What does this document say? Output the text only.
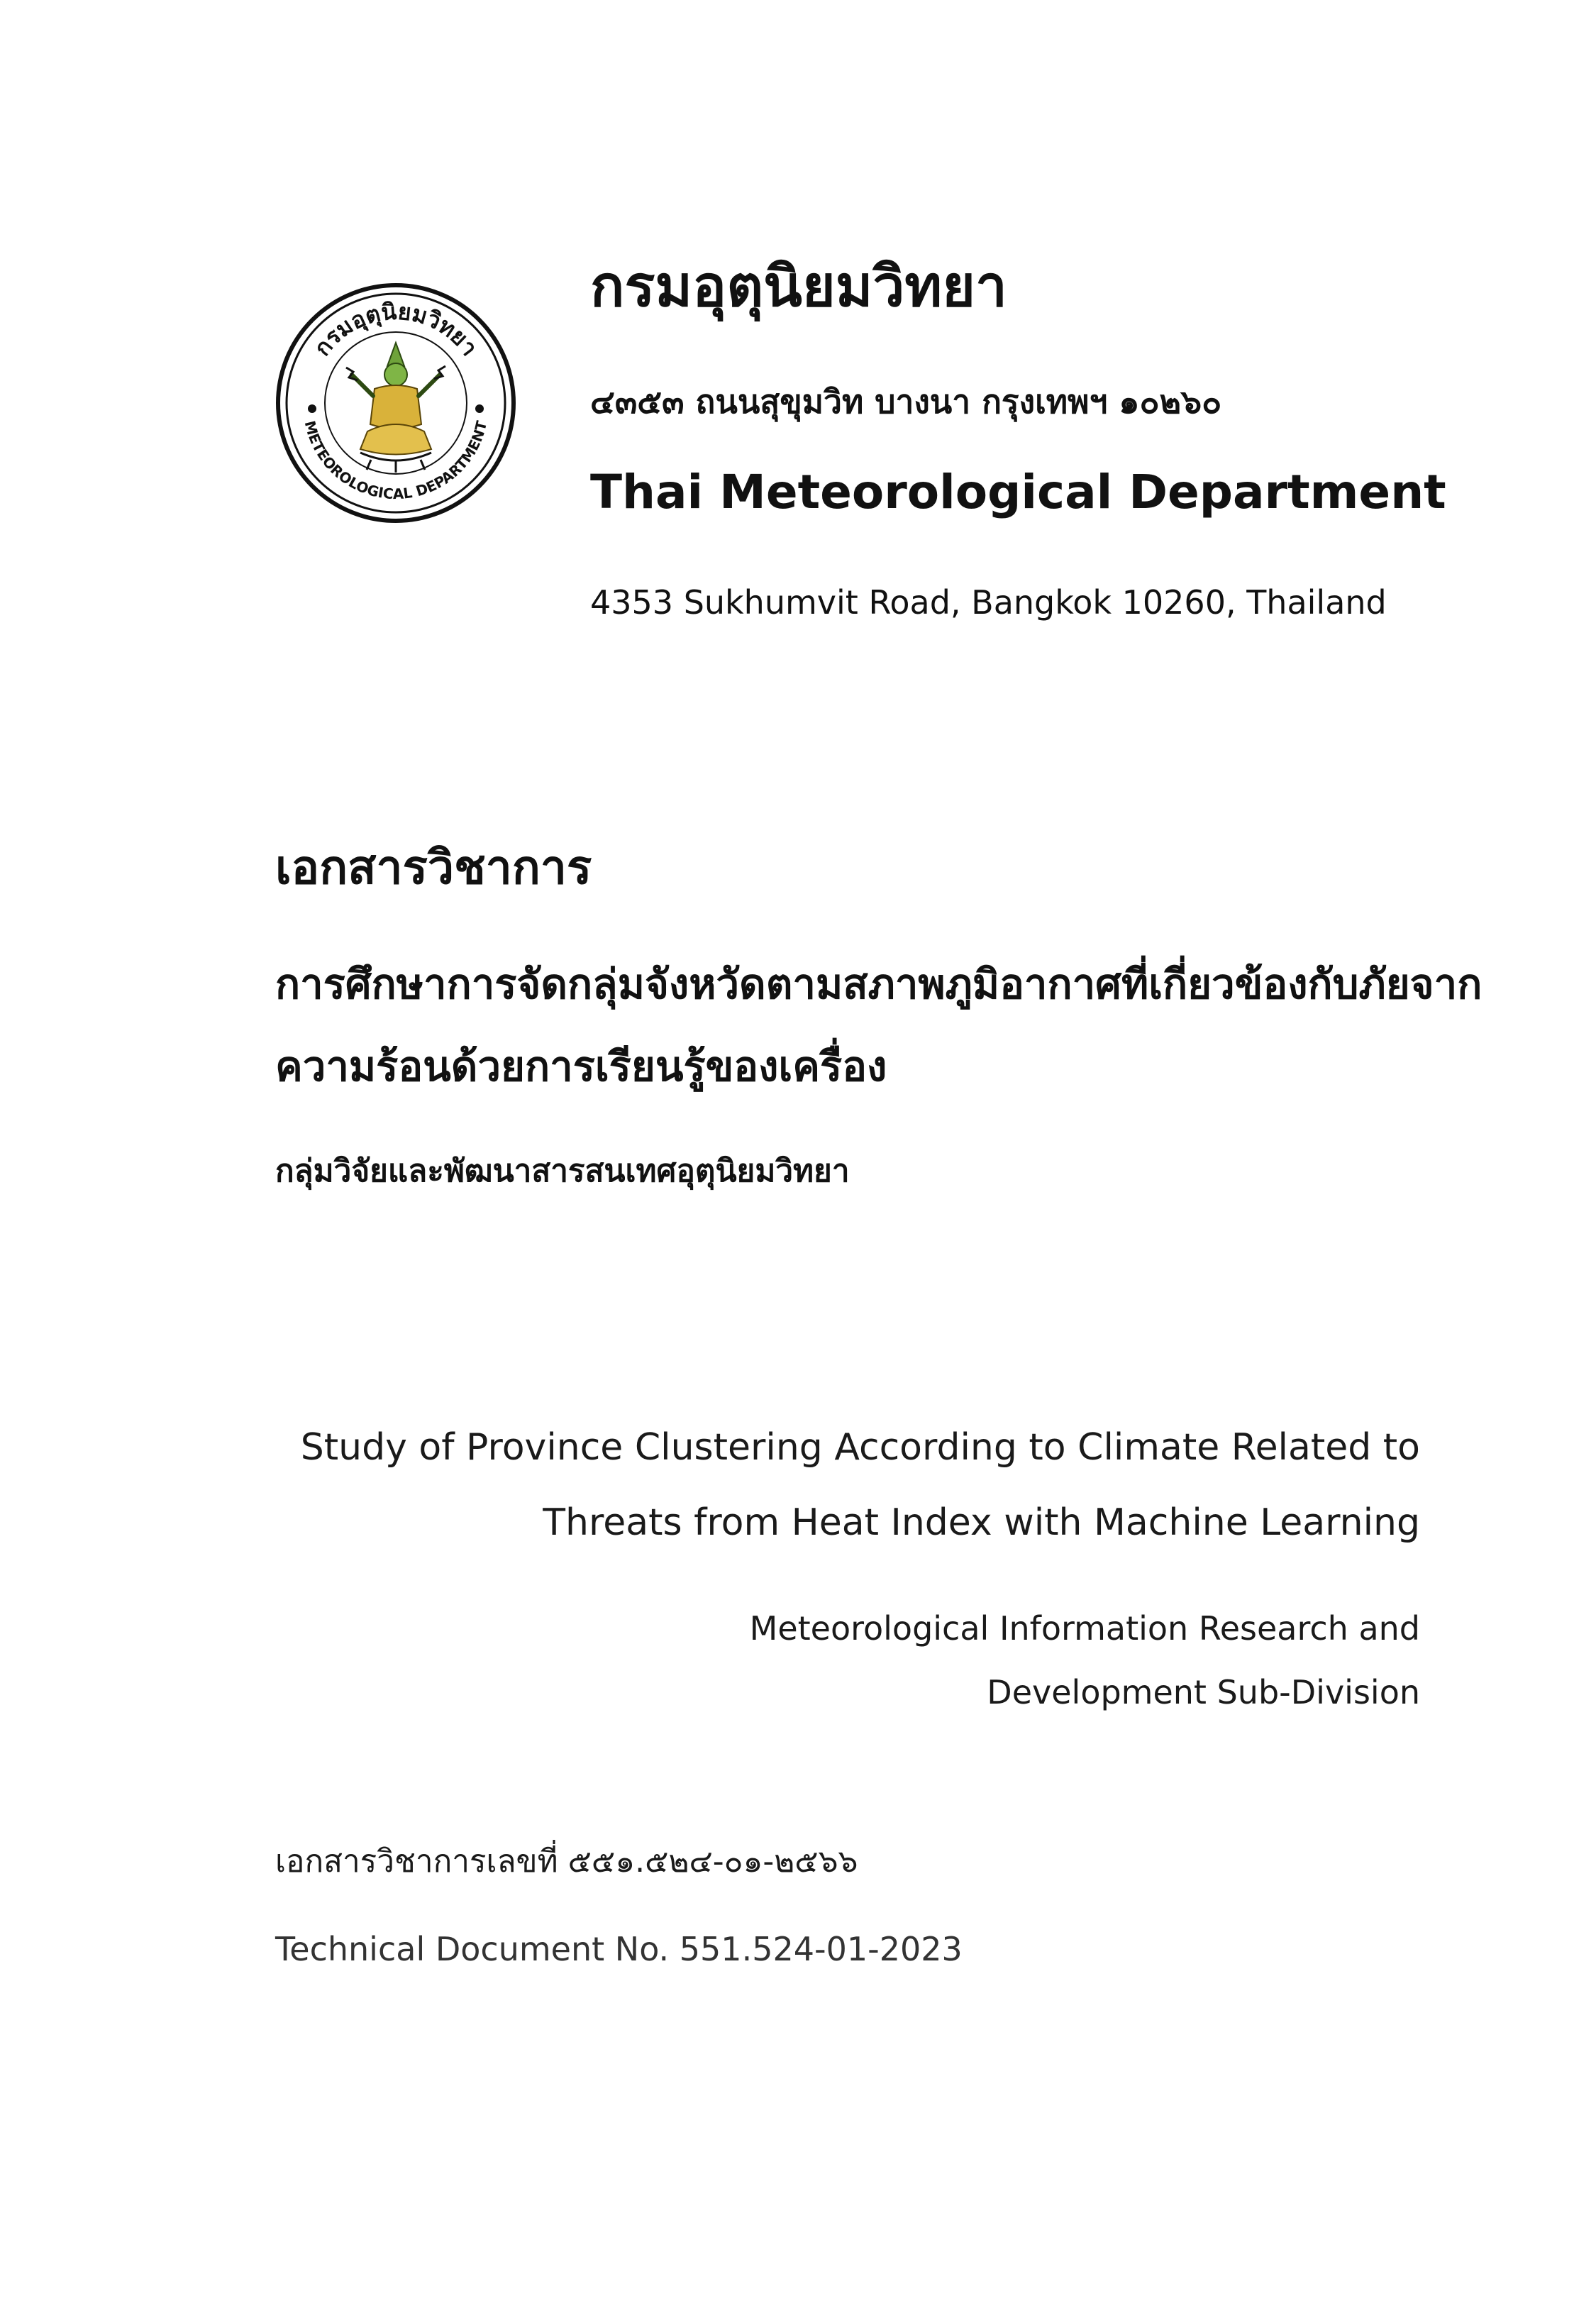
กรมอุตุนิยมวิทยา
METEOROLOGICAL DEPARTMENT
กรมอุตุนิยมวิทยา
๔๓๕๓ ถนนสุขุมวิท บางนา กรุงเทพฯ ๑๐๒๖๐
Thai Meteorological Department
4353 Sukhumvit Road, Bangkok 10260, Thailand
เอกสารวิชาการ
การศึกษาการจัดกลุ่มจังหวัดตามสภาพภูมิอากาศที่เกี่ยวข้องกับภัยจาก
ความร้อนด้วยการเรียนรู้ของเครื่อง
กลุ่มวิจัยและพัฒนาสารสนเทศอุตุนิยมวิทยา
Study of Province Clustering According to Climate Related to
Threats from Heat Index with Machine Learning
Meteorological Information Research and
Development Sub-Division
เอกสารวิชาการเลขที่ ๕๕๑.๕๒๔-๐๑-๒๕๖๖
Technical Document No. 551.524-01-2023
